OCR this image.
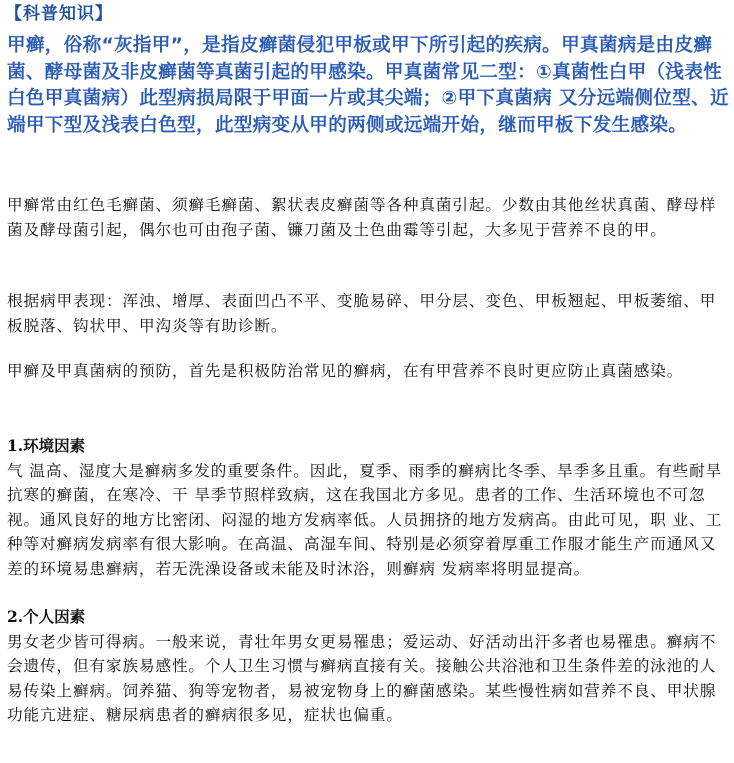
【科普知识】

甲癣，俗称“灰指甲”，是指皮癣菌侵犯甲板或甲下所引起的疾病。甲真菌病是由皮癣菌、酵母菌及非皮癣菌等真菌引起的甲感染。甲真菌常见二型：①真菌性白甲（浅表性白色甲真菌病）此型病损局限于甲面一片或其尖端；②甲下真菌病 又分远端侧位型、近端甲下型及浅表白色型，此型病变从甲的两侧或远端开始，继而甲板下发生感染。

甲癣常由红色毛癣菌、须癣毛癣菌、絮状表皮癣菌等各种真菌引起。少数由其他丝状真菌、酵母样菌及酵母菌引起，偶尔也可由孢子菌、镰刀菌及土色曲霉等引起，大多见于营养不良的甲。

根据病甲表现：浑浊、增厚、表面凹凸不平、变脆易碎、甲分层、变色、甲板翘起、甲板萎缩、甲板脱落、钩状甲、甲沟炎等有助诊断。

甲癣及甲真菌病的预防，首先是积极防治常见的癣病，在有甲营养不良时更应防止真菌感染。

1.环境因素

气 温高、湿度大是癣病多发的重要条件。因此，夏季、雨季的癣病比冬季、旱季多且重。有些耐旱抗寒的癣菌，在寒冷、干 旱季节照样致病，这在我国北方多见。患者的工作、生活环境也不可忽视。通风良好的地方比密闭、闷湿的地方发病率低。人员拥挤的地方发病高。由此可见，职 业、工种等对癣病发病率有很大影响。在高温、高湿车间、特别是必须穿着厚重工作服才能生产而通风又差的环境易患癣病，若无洗澡设备或未能及时沐浴，则癣病 发病率将明显提高。

2.个人因素

男女老少皆可得病。一般来说，青壮年男女更易罹患；爱运动、好活动出汗多者也易罹患。癣病不会遗传，但有家族易感性。个人卫生习惯与癣病直接有关。接触公共浴池和卫生条件差的泳池的人易传染上癣病。饲养猫、狗等宠物者，易被宠物身上的癣菌感染。某些慢性病如营养不良、甲状腺功能亢进症、糖尿病患者的癣病很多见，症状也偏重。
